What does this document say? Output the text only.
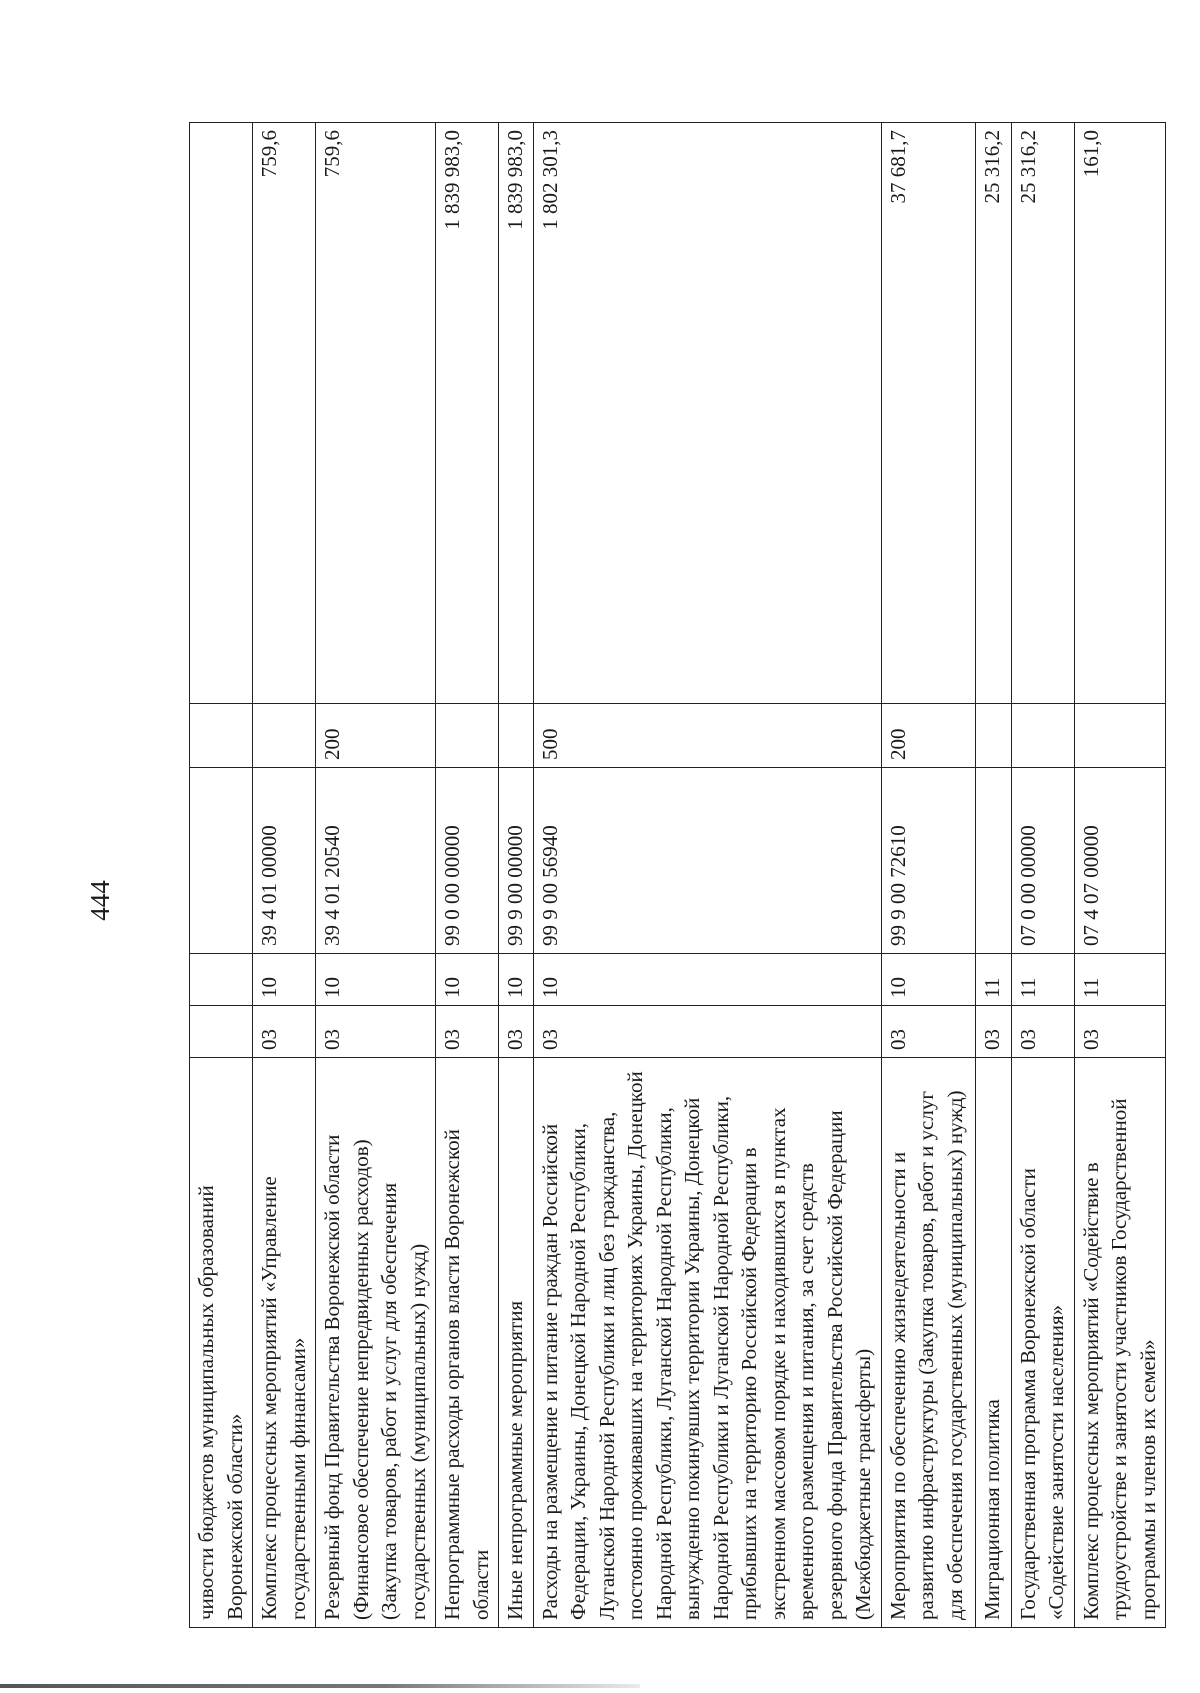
444
чивости бюджетов муниципальных образований Воронежской области»					
Комплекс процессных мероприятий «Управление государственными финансами»	03	10	39 4 01 00000		759,6
Резервный фонд Правительства Воронежской области (Финансовое обеспечение непредвиденных расходов) (Закупка товаров, работ и услуг для обеспечения государственных (муниципальных) нужд)	03	10	39 4 01 20540	200	759,6
Непрограммные расходы органов власти Воронежской области	03	10	99 0 00 00000		1 839 983,0
Иные непрограммные мероприятия	03	10	99 9 00 00000		1 839 983,0
Расходы на размещение и питание граждан Российской Федерации, Украины, Донецкой Народной Республики, Луганской Народной Республики и лиц без гражданства, постоянно проживавших на территориях Украины, Донецкой Народной Республики, Луганской Народной Республики, вынужденно покинувших территории Украины, Донецкой Народной Республики и Луганской Народной Республики, прибывших на территорию Российской Федерации в экстренном массовом порядке и находившихся в пунктах временного размещения и питания, за счет средств резервного фонда Правительства Российской Федерации (Межбюджетные трансферты)	03	10	99 9 00 56940	500	1 802 301,3
Мероприятия по обеспечению жизнедеятельности и развитию инфраструктуры (Закупка товаров, работ и услуг для обеспечения государственных (муниципальных) нужд)	03	10	99 9 00 72610	200	37 681,7
Миграционная политика	03	11			25 316,2
Государственная программа Воронежской области «Содействие занятости населения»	03	11	07 0 00 00000		25 316,2
Комплекс процессных мероприятий «Содействие в трудоустройстве и занятости участников Государственной программы и членов их семей»	03	11	07 4 07 00000		161,0
